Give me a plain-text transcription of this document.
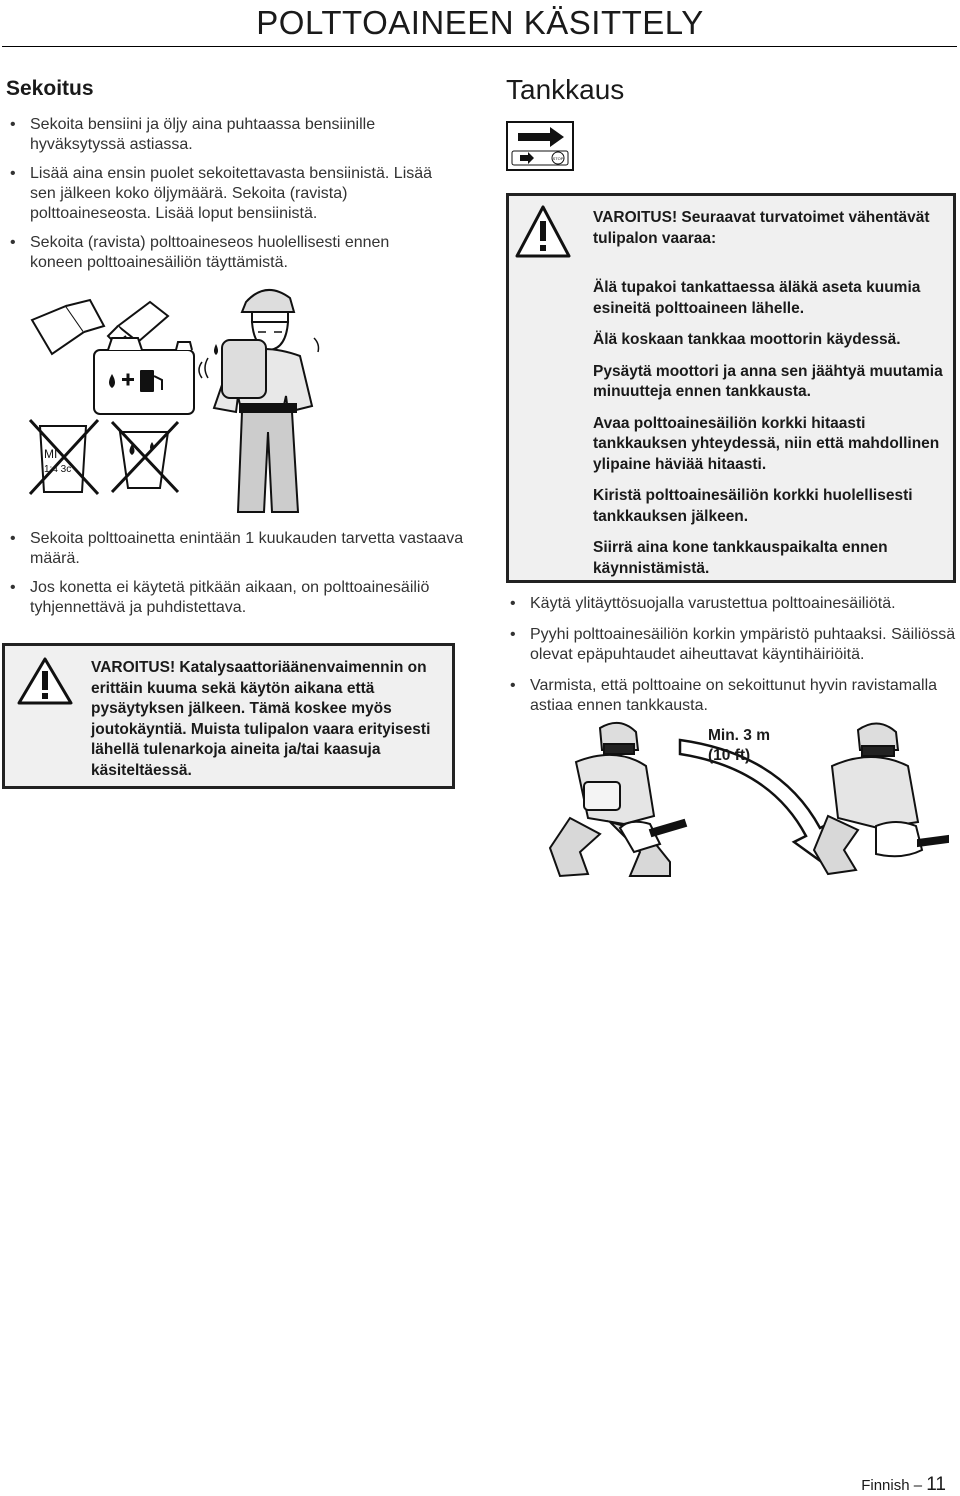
POLTTOAINEEN KÄSITTELY
Sekoitus
• Sekoita bensiini ja öljy aina puhtaassa bensiinille hyväksytyssä astiassa.
• Lisää aina ensin puolet sekoitettavasta bensiinistä. Lisää sen jälkeen koko öljymäärä. Sekoita (ravista) polttoaineseosta. Lisää loput bensiinistä.
• Sekoita (ravista) polttoaineseos huolellisesti ennen koneen polttoainesäiliön täyttämistä.
MI
1:4 3c
• Sekoita polttoainetta enintään 1 kuukauden tarvetta vastaava määrä.
• Jos konetta ei käytetä pitkään aikaan, on polttoainesäiliö tyhjennettävä ja puhdistettava.
VAROITUS! Katalysaattoriäänenvaimennin on erittäin kuuma sekä käytön aikana että pysäytyksen jälkeen. Tämä koskee myös joutokäyntiä. Muista tulipalon vaara erityisesti lähellä tulenarkoja aineita ja/tai kaasuja käsiteltäessä.
Tankkaus
STOP
VAROITUS! Seuraavat turvatoimet vähentävät tulipalon vaaraa:

Älä tupakoi tankattaessa äläkä aseta kuumia esineitä polttoaineen lähelle.

Älä koskaan tankkaa moottorin käydessä.

Pysäytä moottori ja anna sen jäähtyä muutamia minuutteja ennen tankkausta.

Avaa polttoainesäiliön korkki hitaasti tankkauksen yhteydessä, niin että mahdollinen ylipaine häviää hitaasti.

Kiristä polttoainesäiliön korkki huolellisesti tankkauksen jälkeen.

Siirrä aina kone tankkauspaikalta ennen käynnistämistä.

• Käytä ylitäyttösuojalla varustettua polttoainesäiliötä.
• Pyyhi polttoainesäiliön korkin ympäristö puhtaaksi. Säiliössä olevat epäpuhtaudet aiheuttavat käyntihäiriöitä.
• Varmista, että polttoaine on sekoittunut hyvin ravistamalla astiaa ennen tankkausta.
Min. 3 m
(10 ft)
Finnish – 11
